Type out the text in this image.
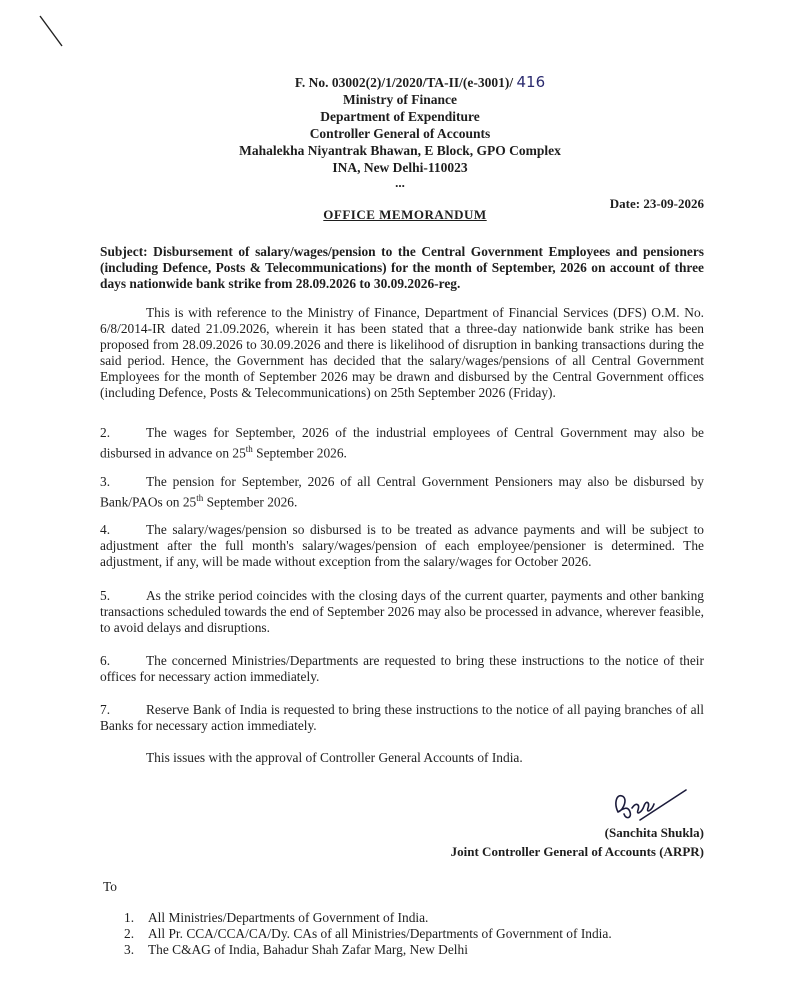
F. No. 03002(2)/1/2020/TA-II/(e-3001)/ 416
Ministry of Finance
Department of Expenditure
Controller General of Accounts
Mahalekha Niyantrak Bhawan, E Block, GPO Complex
INA, New Delhi-110023
...
Date: 23-09-2026
OFFICE MEMORANDUM
Subject: Disbursement of salary/wages/pension to the Central Government Employees and pensioners (including Defence, Posts & Telecommunications) for the month of September, 2026 on account of three days nationwide bank strike from 28.09.2026 to 30.09.2026-reg.
This is with reference to the Ministry of Finance, Department of Financial Services (DFS) O.M. No. 6/8/2014-IR dated 21.09.2026, wherein it has been stated that a three-day nationwide bank strike has been proposed from 28.09.2026 to 30.09.2026 and there is likelihood of disruption in banking transactions during the said period. Hence, the Government has decided that the salary/wages/pensions of all Central Government Employees for the month of September 2026 may be drawn and disbursed by the Central Government offices (including Defence, Posts & Telecommunications) on 25th September 2026 (Friday).
2.	The wages for September, 2026 of the industrial employees of Central Government may also be disbursed in advance on 25th September 2026.
3.	The pension for September, 2026 of all Central Government Pensioners may also be disbursed by Bank/PAOs on 25th September 2026.
4.	The salary/wages/pension so disbursed is to be treated as advance payments and will be subject to adjustment after the full month's salary/wages/pension of each employee/pensioner is determined. The adjustment, if any, will be made without exception from the salary/wages for October 2026.
5.	As the strike period coincides with the closing days of the current quarter, payments and other banking transactions scheduled towards the end of September 2026 may also be processed in advance, wherever feasible, to avoid delays and disruptions.
6.	The concerned Ministries/Departments are requested to bring these instructions to the notice of their offices for necessary action immediately.
7.	Reserve Bank of India is requested to bring these instructions to the notice of all paying branches of all Banks for necessary action immediately.
This issues with the approval of Controller General Accounts of India.
(Sanchita Shukla)
Joint Controller General of Accounts (ARPR)
To
1.	All Ministries/Departments of Government of India.
2.	All Pr. CCA/CCA/CA/Dy. CAs of all Ministries/Departments of Government of India.
3.	The C&AG of India, Bahadur Shah Zafar Marg, New Delhi
